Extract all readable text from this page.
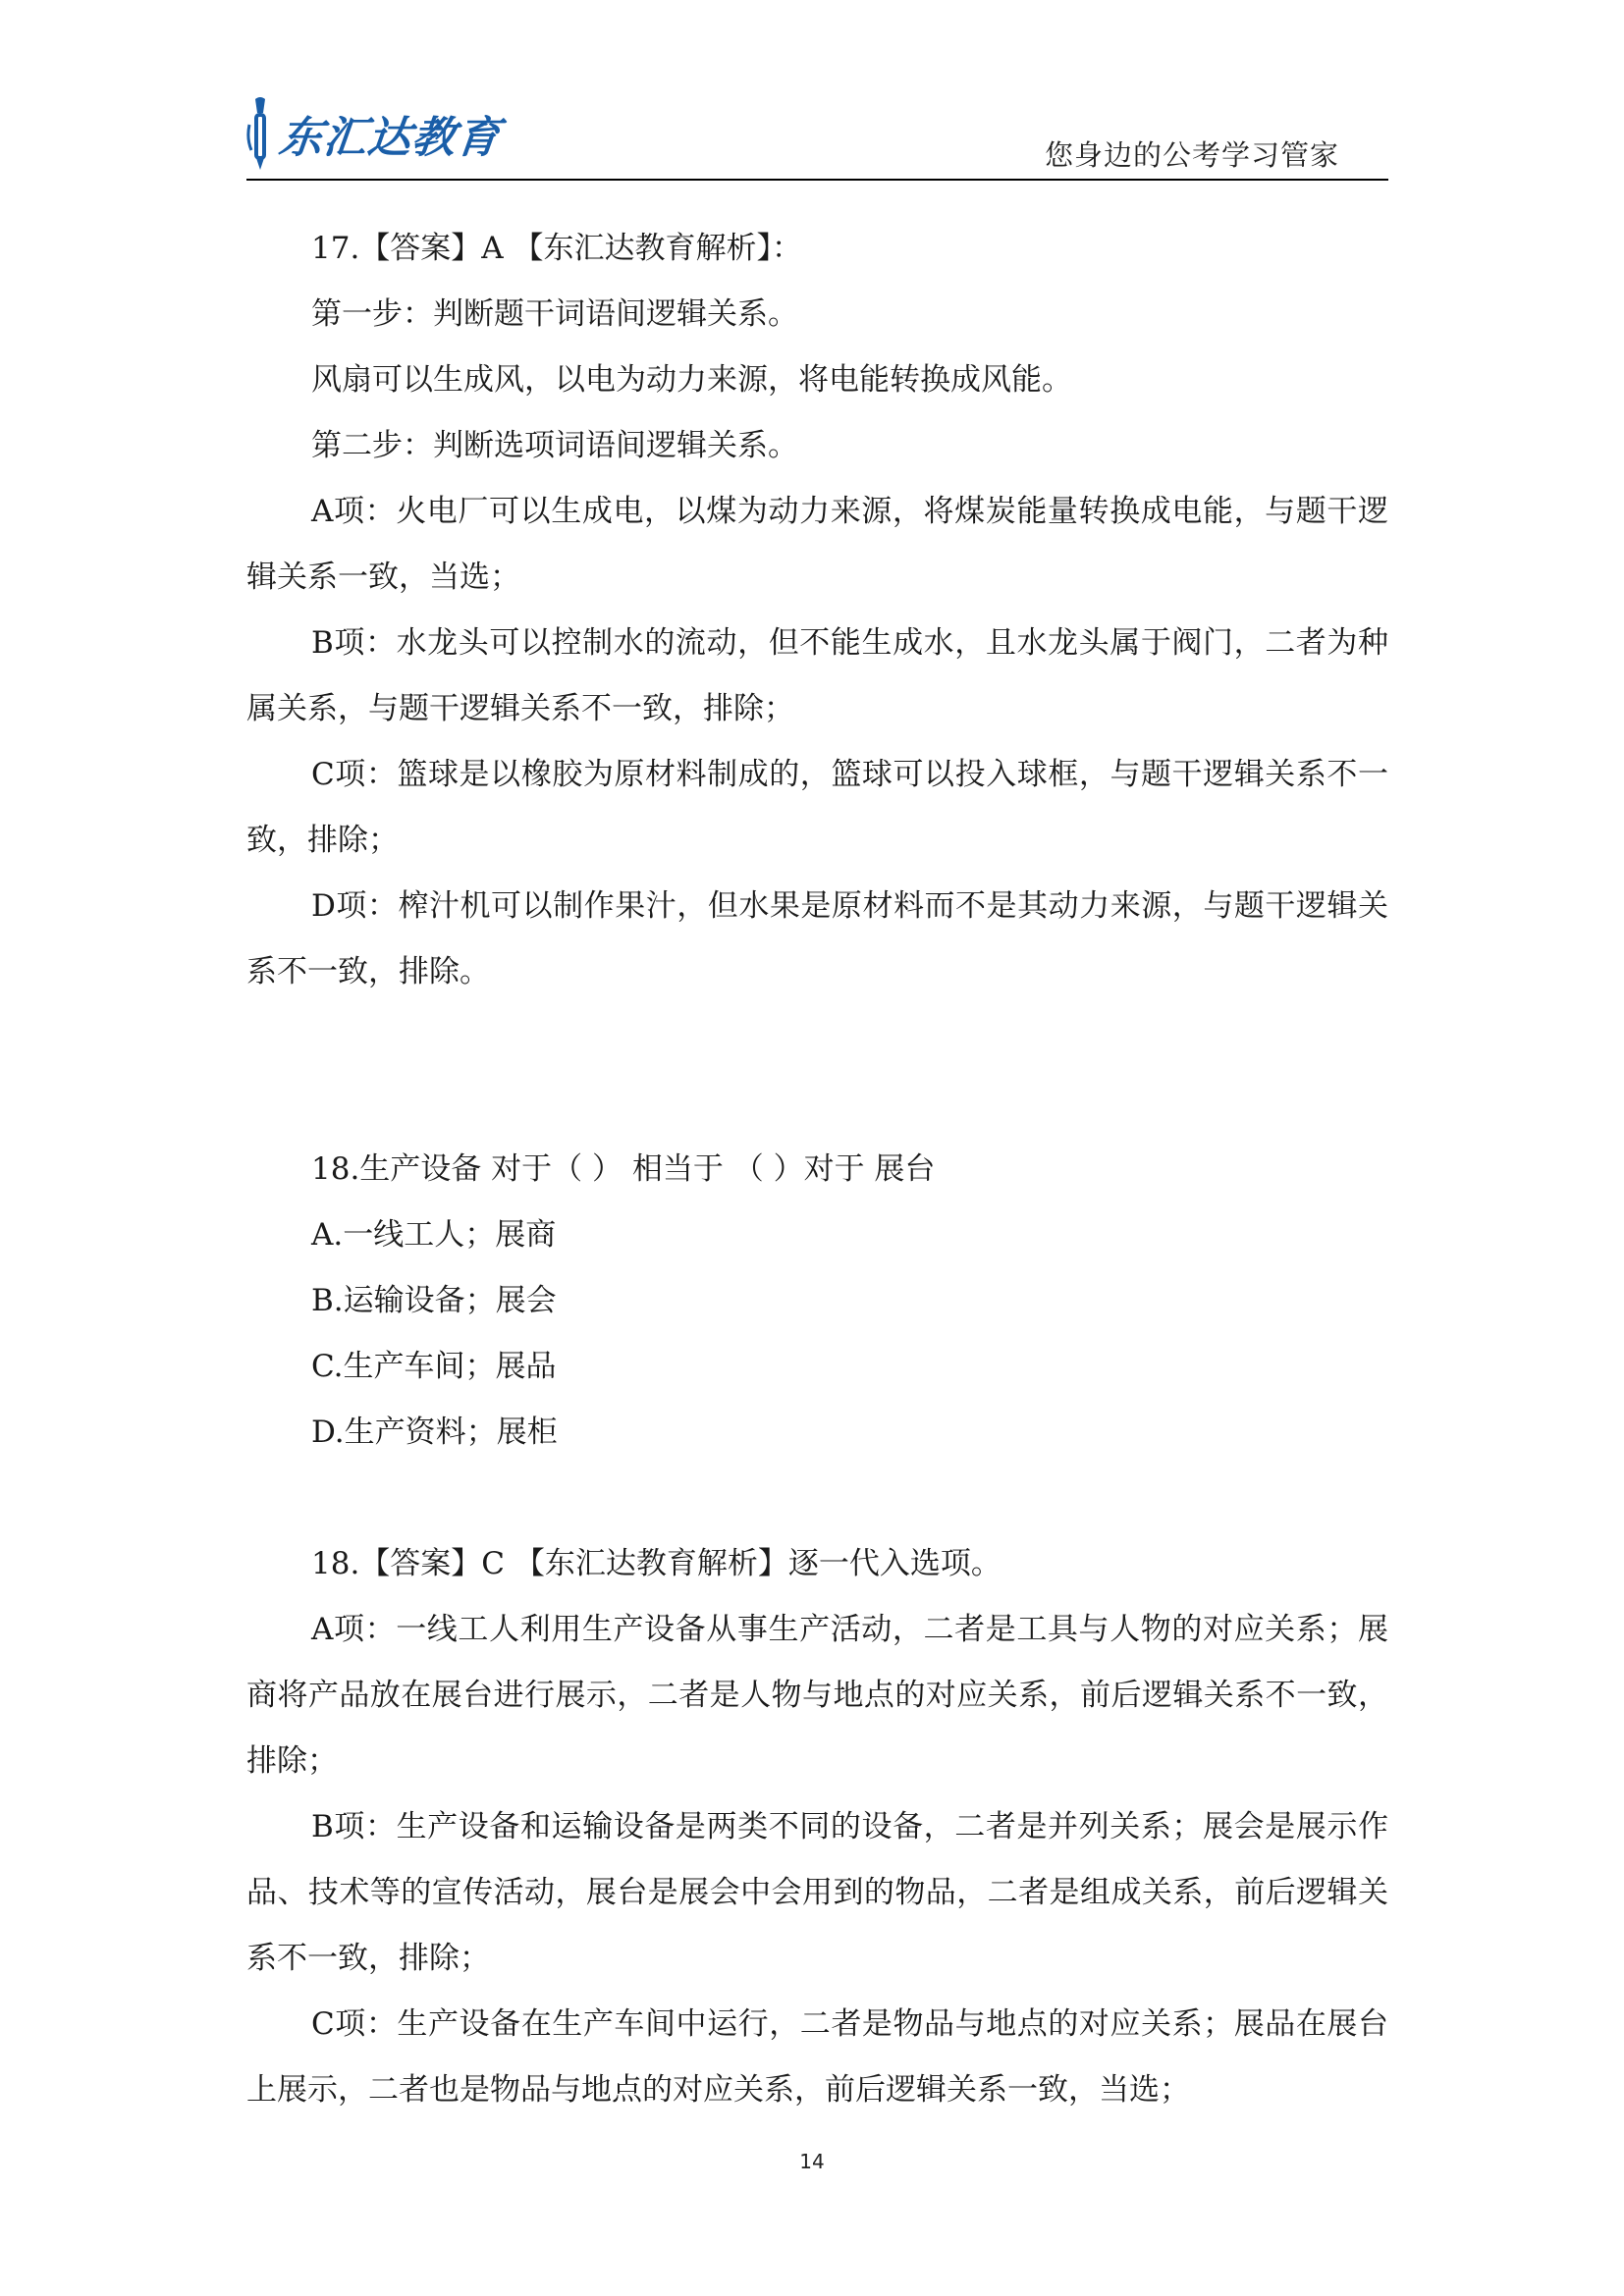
东汇达教育	您身边的公考学习管家

17.【答案】A 【东汇达教育解析】：

第一步：判断题干词语间逻辑关系。

风扇可以生成风，以电为动力来源，将电能转换成风能。

第二步：判断选项词语间逻辑关系。

A项：火电厂可以生成电，以煤为动力来源，将煤炭能量转换成电能，与题干逻辑关系一致，当选；

B项：水龙头可以控制水的流动，但不能生成水，且水龙头属于阀门，二者为种属关系，与题干逻辑关系不一致，排除；

C项：篮球是以橡胶为原材料制成的，篮球可以投入球框，与题干逻辑关系不一致，排除；

D项：榨汁机可以制作果汁，但水果是原材料而不是其动力来源，与题干逻辑关系不一致，排除。

18.生产设备 对于（ ） 相当于 （ ）对于 展台

A.一线工人；展商

B.运输设备；展会

C.生产车间；展品

D.生产资料；展柜

18.【答案】C 【东汇达教育解析】逐一代入选项。

A项：一线工人利用生产设备从事生产活动，二者是工具与人物的对应关系；展商将产品放在展台进行展示，二者是人物与地点的对应关系，前后逻辑关系不一致，排除；

B项：生产设备和运输设备是两类不同的设备，二者是并列关系；展会是展示作品、技术等的宣传活动，展台是展会中会用到的物品，二者是组成关系，前后逻辑关系不一致，排除；

C项：生产设备在生产车间中运行，二者是物品与地点的对应关系；展品在展台上展示，二者也是物品与地点的对应关系，前后逻辑关系一致，当选；

14
